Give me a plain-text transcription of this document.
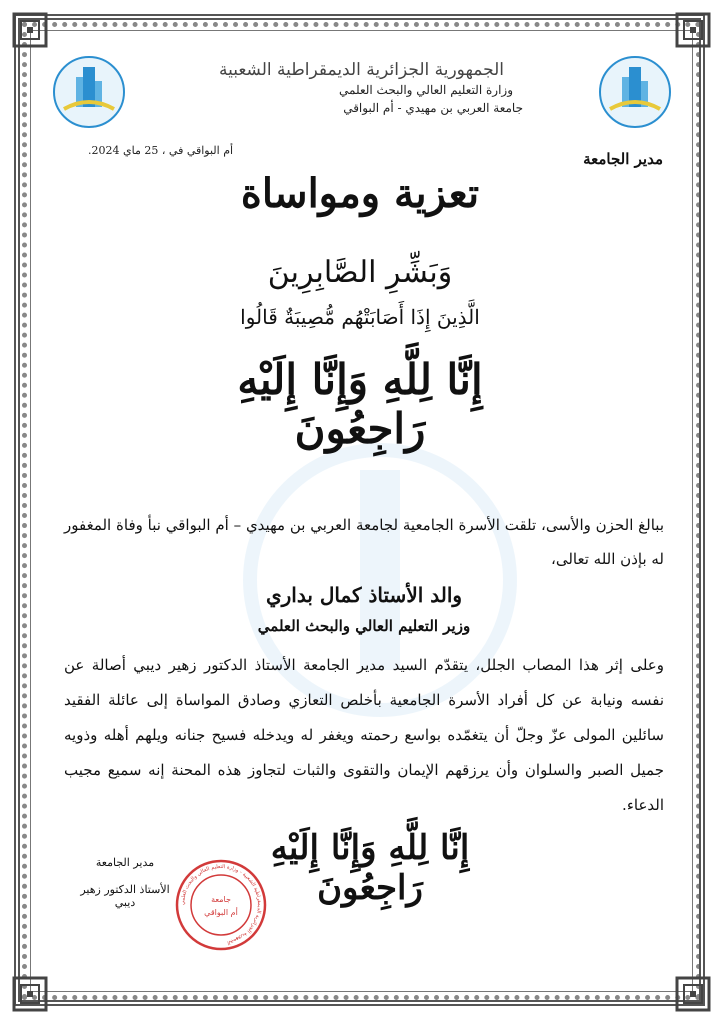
الجمهورية الجزائرية الديمقراطية الشعبية
وزارة التعليم العالي والبحث العلمي
جامعة العربي بن مهيدي - أم البواقي
أم البواقي في ، 25 ماي 2024.	مدير الجامعة
تعزية ومواساة
وَبَشِّرِ الصَّابِرِينَ
الَّذِينَ إِذَا أَصَابَتْهُم مُّصِيبَةٌ قَالُوا
إِنَّا لِلَّهِ وَإِنَّا إِلَيْهِ رَاجِعُونَ
ببالغ الحزن والأسى، تلقت الأسرة الجامعية لجامعة العربي بن مهيدي – أم البواقي نبأ وفاة المغفور له بإذن الله تعالى،
والد الأستاذ كمال بداري
وزير التعليم العالي والبحث العلمي
وعلى إثر هذا المصاب الجلل، يتقدّم السيد مدير الجامعة الأستاذ الدكتور زهير ديبي أصالة عن نفسه ونيابة عن كل أفراد الأسرة الجامعية بأخلص التعازي وصادق المواساة إلى عائلة الفقيد سائلين المولى عزّ وجلّ أن يتغمّده بواسع رحمته ويغفر له ويدخله فسيح جنانه ويلهم أهله وذويه جميل الصبر والسلوان وأن يرزقهم الإيمان والتقوى والثبات لتجاوز هذه المحنة إنه سميع مجيب الدعاء.
إِنَّا لِلَّهِ وَإِنَّا إِلَيْهِ رَاجِعُونَ
مدير الجامعة
الأستاذ الدكتور زهير ديبي	الجمهورية الجزائرية الديمقراطية الشعبية - وزارة التعليم العالي والبحث العلمي
جامعة
أم البواقي
